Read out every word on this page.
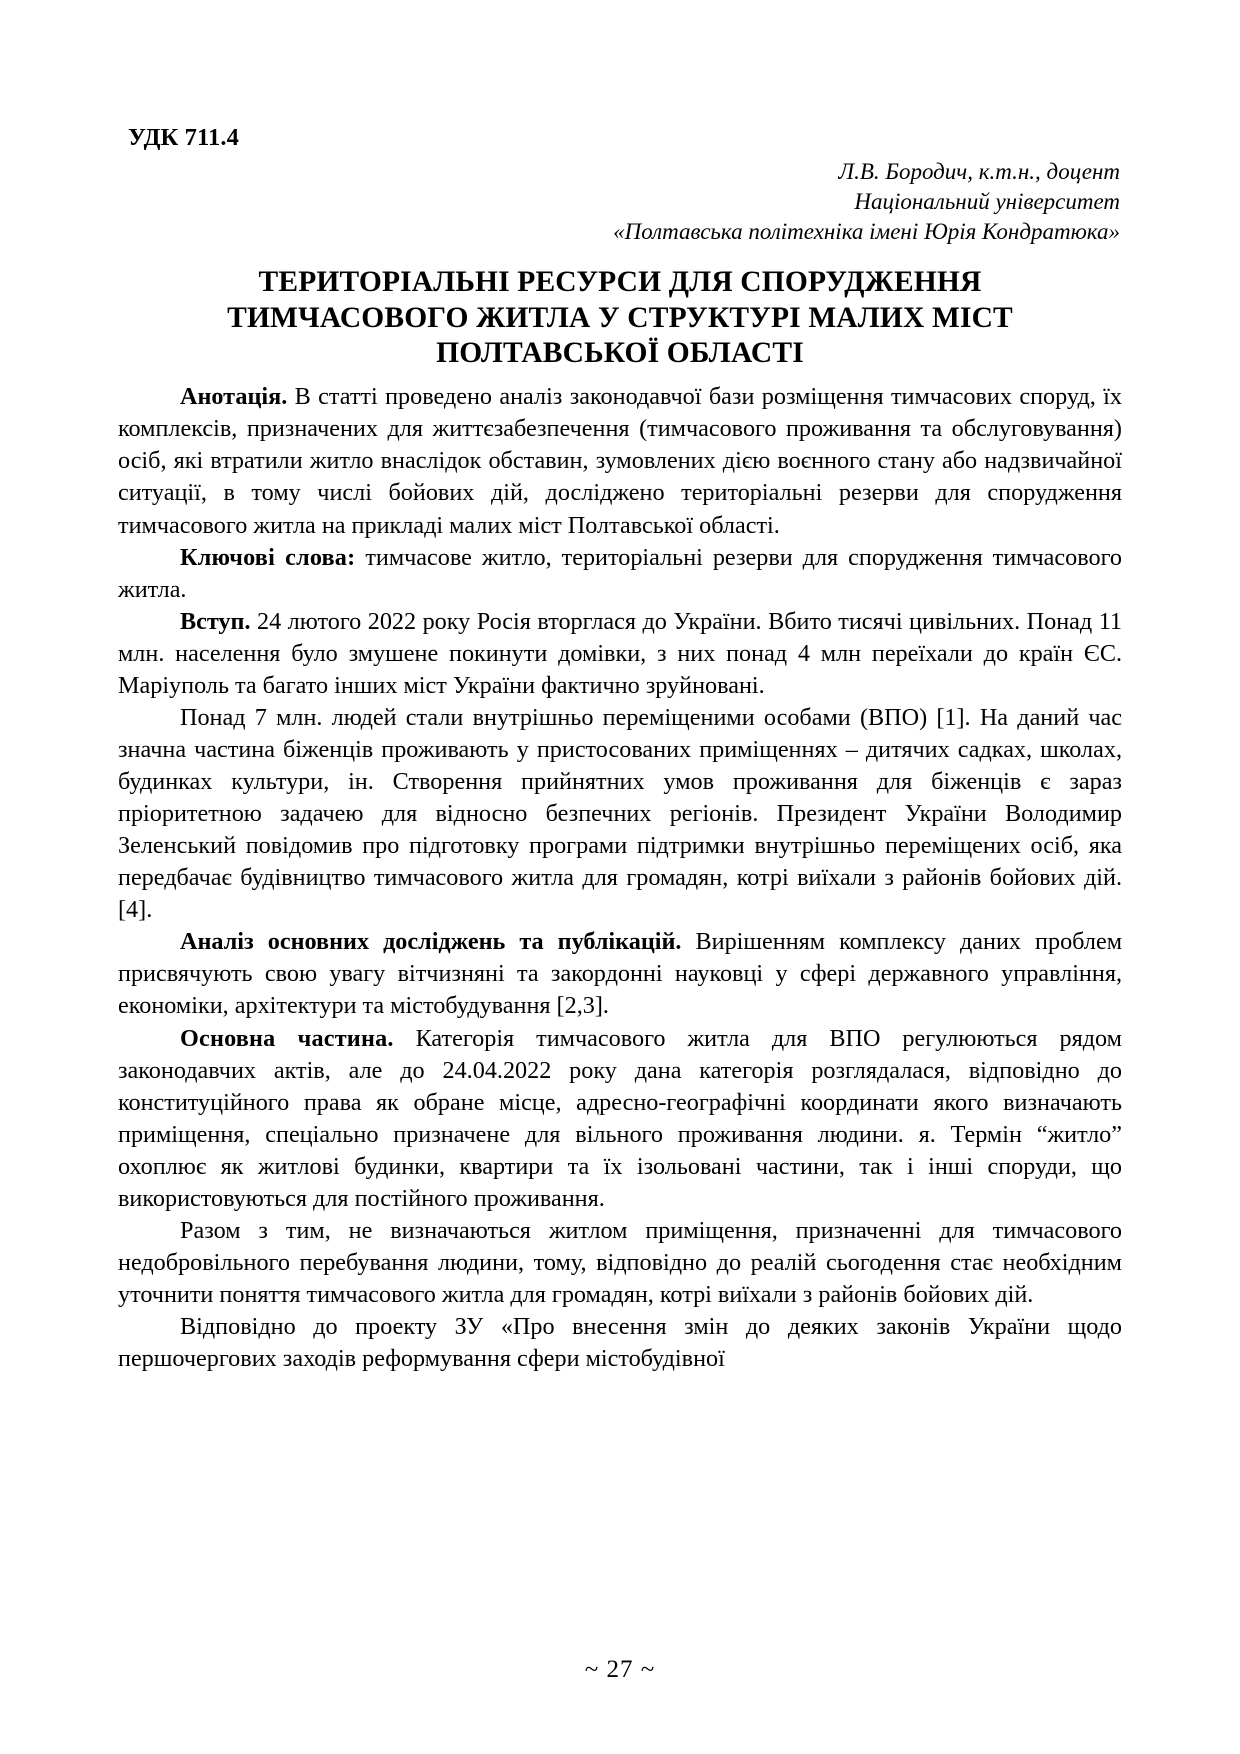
УДК 711.4
Л.В. Бородич, к.т.н., доцент
Національний університет
«Полтавська політехніка імені Юрія Кондратюка»
ТЕРИТОРІАЛЬНІ РЕСУРСИ ДЛЯ СПОРУДЖЕННЯ
ТИМЧАСОВОГО ЖИТЛА У СТРУКТУРІ МАЛИХ МІСТ
ПОЛТАВСЬКОЇ ОБЛАСТІ

Анотація. В статті проведено аналіз законодавчої бази розміщення тимчасових споруд, їх комплексів, призначених для життєзабезпечення (тимчасового проживання та обслуговування) осіб, які втратили житло внаслідок обставин, зумовлених дією воєнного стану або надзвичайної ситуації, в тому числі бойових дій, досліджено територіальні резерви для спорудження тимчасового житла на прикладі малих міст Полтавської області.

Ключові слова: тимчасове житло, територіальні резерви для спорудження тимчасового житла.

Вступ. 24 лютого 2022 року Росія вторглася до України. Вбито тисячі цивільних. Понад 11 млн. населення було змушене покинути домівки, з них понад 4 млн переїхали до країн ЄС. Маріуполь та багато інших міст України фактично зруйновані.

Понад 7 млн. людей стали внутрішньо переміщеними особами (ВПО) [1]. На даний час значна частина біженців проживають у пристосованих приміщеннях – дитячих садках, школах, будинках культури, ін. Створення прийнятних умов проживання для біженців є зараз пріоритетною задачею для відносно безпечних регіонів. Президент України Володимир Зеленський повідомив про підготовку програми підтримки внутрішньо переміщених осіб, яка передбачає будівництво тимчасового житла для громадян, котрі виїхали з районів бойових дій. [4].

Аналіз основних досліджень та публікацій. Вирішенням комплексу даних проблем присвячують свою увагу вітчизняні та закордонні науковці у сфері державного управління, економіки, архітектури та містобудування [2,3].

Основна частина. Категорія тимчасового житла для ВПО регулюються рядом законодавчих актів, але до 24.04.2022 року дана категорія розглядалася, відповідно до конституційного права як обране місце, адресно-географічні координати якого визначають приміщення, спеціально призначене для вільного проживання людини. я. Термін “житло” охоплює як житлові будинки, квартири та їх ізольовані частини, так і інші споруди, що використовуються для постійного проживання.

Разом з тим, не визначаються житлом приміщення, призначенні для тимчасового недобровільного перебування людини, тому, відповідно до реалій сьогодення стає необхідним уточнити поняття тимчасового житла для громадян, котрі виїхали з районів бойових дій.

Відповідно до проекту ЗУ «Про внесення змін до деяких законів України щодо першочергових заходів реформування сфери містобудівної

~ 27 ~
